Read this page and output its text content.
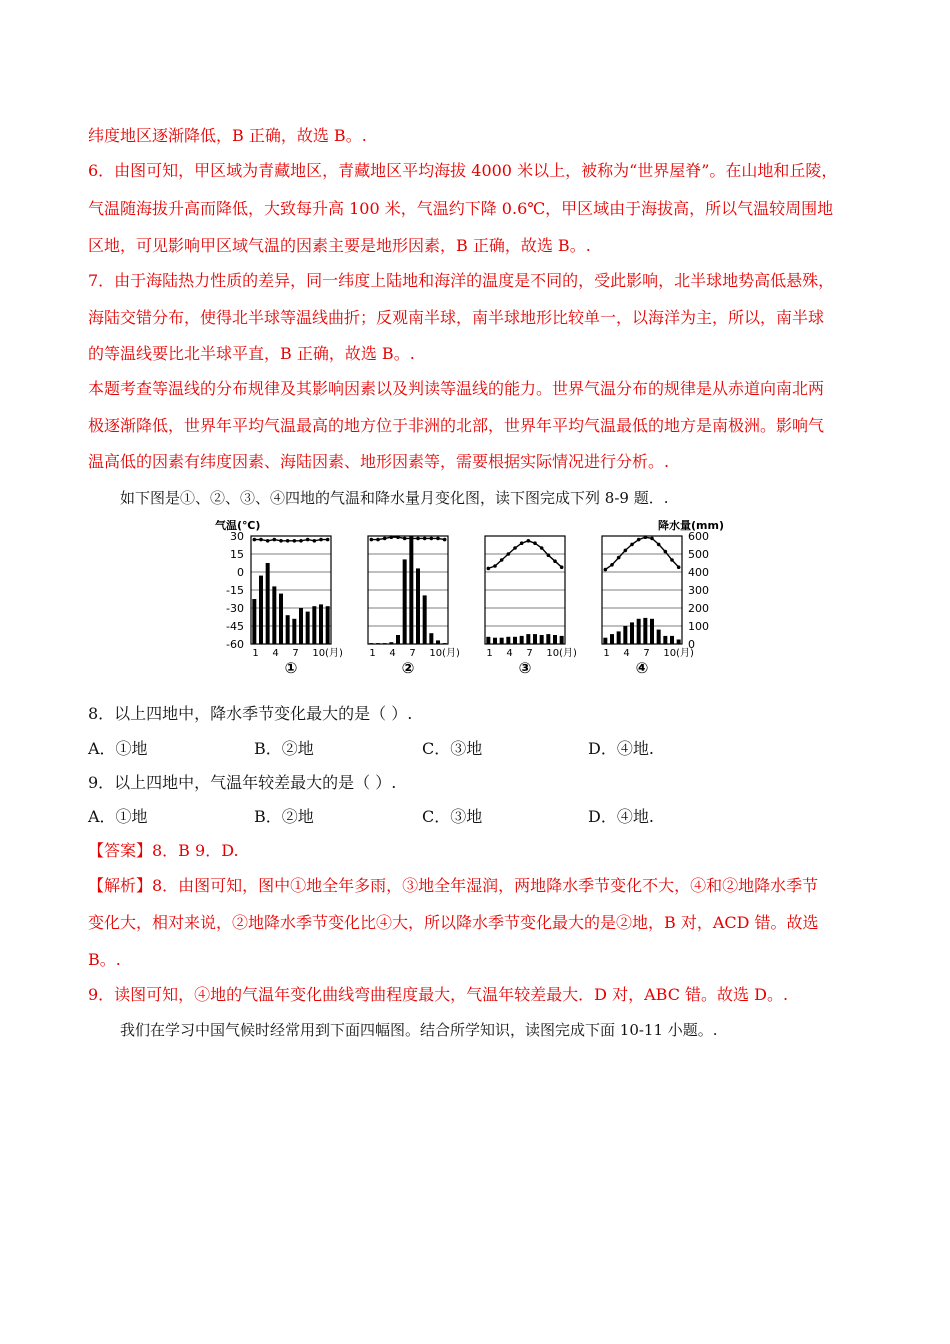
纬度地区逐渐降低，B 正确，故选 B。.
6．由图可知，甲区域为青藏地区，青藏地区平均海拔 4000 米以上，被称为“世界屋脊”。在山地和丘陵，
气温随海拔升高而降低，大致每升高 100 米，气温约下降 0.6℃，甲区域由于海拔高，所以气温较周围地
区地，可见影响甲区域气温的因素主要是地形因素，B 正确，故选 B。.
7．由于海陆热力性质的差异，同一纬度上陆地和海洋的温度是不同的，受此影响，北半球地势高低悬殊，
海陆交错分布，使得北半球等温线曲折；反观南半球，南半球地形比较单一，以海洋为主，所以，南半球
的等温线要比北半球平直，B 正确，故选 B。.
本题考查等温线的分布规律及其影响因素以及判读等温线的能力。世界气温分布的规律是从赤道向南北两
极逐渐降低，世界年平均气温最高的地方位于非洲的北部，世界年平均气温最低的地方是南极洲。影响气
温高低的因素有纬度因素、海陆因素、地形因素等，需要根据实际情况进行分析。.
如下图是①、②、③、④四地的气温和降水量月变化图，读下图完成下列 8-9 题．.
气温(℃)	降水量(mm)
30
15
0
-15
-30
-45
-60
600
500
400
300
200
100
0
1 4 7 10(月)
①
1 4 7 10(月)
②
1 4 7 10(月)
③
1 4 7 10(月)
④
8．以上四地中，降水季节变化最大的是（ ）.
A．①地	B．②地	C．③地	D．④地.
9．以上四地中，气温年较差最大的是（ ）.
A．①地	B．②地	C．③地	D．④地.
【答案】8．B 9．D.
【解析】8．由图可知，图中①地全年多雨，③地全年湿润，两地降水季节变化不大，④和②地降水季节
变化大，相对来说，②地降水季节变化比④大，所以降水季节变化最大的是②地，B 对，ACD 错。故选
B。.
9．读图可知，④地的气温年变化曲线弯曲程度最大，气温年较差最大．D 对，ABC 错。故选 D。.
我们在学习中国气候时经常用到下面四幅图。结合所学知识，读图完成下面 10-11 小题。.
